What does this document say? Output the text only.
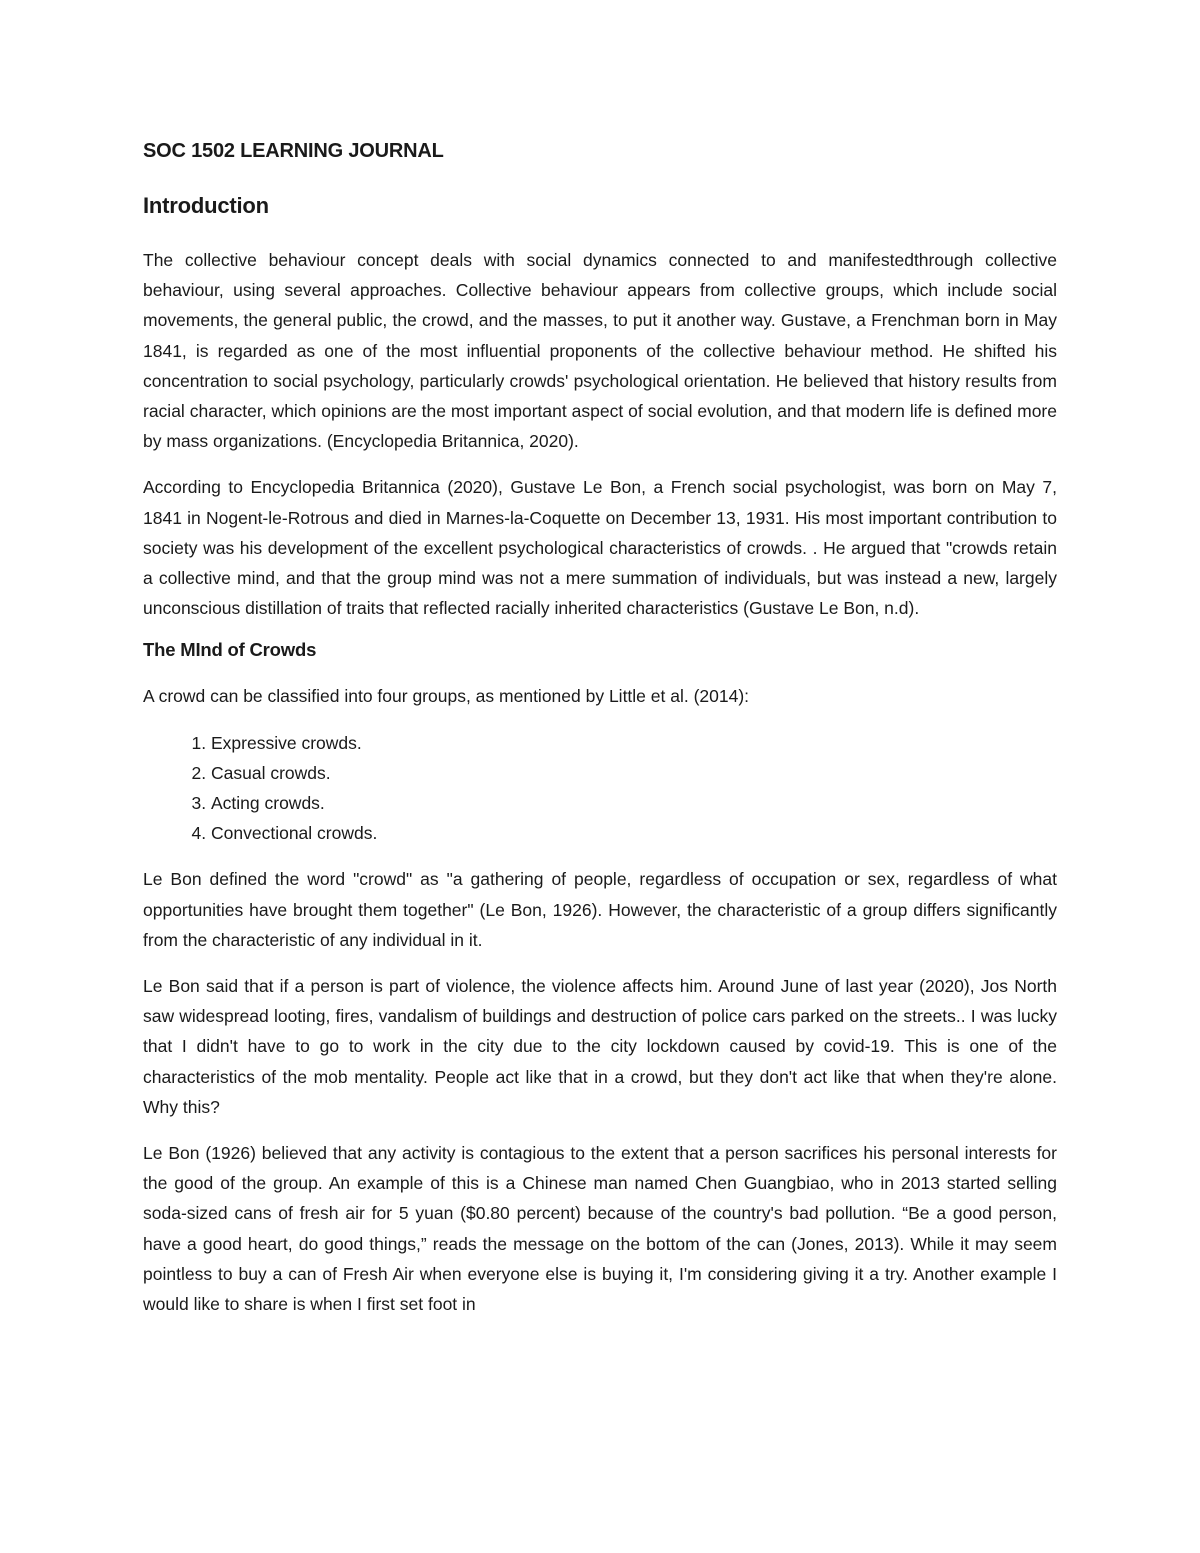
SOC 1502 LEARNING JOURNAL
Introduction

The collective behaviour concept deals with social dynamics connected to and manifestedthrough collective behaviour, using several approaches. Collective behaviour appears from collective groups, which include social movements, the general public, the crowd, and the masses, to put it another way. Gustave, a Frenchman born in May 1841, is regarded as one of the most influential proponents of the collective behaviour method. He shifted his concentration to social psychology, particularly crowds' psychological orientation. He believed that history results from racial character, which opinions are the most important aspect of social evolution, and that modern life is defined more by mass organizations. (Encyclopedia Britannica, 2020).

According to Encyclopedia Britannica (2020), Gustave Le Bon, a French social psychologist, was born on May 7, 1841 in Nogent-le-Rotrous and died in Marnes-la-Coquette on December 13, 1931. His most important contribution to society was his development of the excellent psychological characteristics of crowds. . He argued that "crowds retain a collective mind, and that the group mind was not a mere summation of individuals, but was instead a new, largely unconscious distillation of traits that reflected racially inherited characteristics (Gustave Le Bon, n.d).

The MInd of Crowds

A crowd can be classified into four groups, as mentioned by Little et al. (2014):

1. Expressive crowds.
2. Casual crowds.
3. Acting crowds.
4. Convectional crowds.

Le Bon defined the word "crowd" as "a gathering of people, regardless of occupation or sex, regardless of what opportunities have brought them together" (Le Bon, 1926). However, the characteristic of a group differs significantly from the characteristic of any individual in it.

Le Bon said that if a person is part of violence, the violence affects him. Around June of last year (2020), Jos North saw widespread looting, fires, vandalism of buildings and destruction of police cars parked on the streets.. I was lucky that I didn't have to go to work in the city due to the city lockdown caused by covid-19. This is one of the characteristics of the mob mentality. People act like that in a crowd, but they don't act like that when they're alone. Why this?

Le Bon (1926) believed that any activity is contagious to the extent that a person sacrifices his personal interests for the good of the group. An example of this is a Chinese man named Chen Guangbiao, who in 2013 started selling soda-sized cans of fresh air for 5 yuan ($0.80 percent) because of the country's bad pollution. “Be a good person, have a good heart, do good things,” reads the message on the bottom of the can (Jones, 2013). While it may seem pointless to buy a can of Fresh Air when everyone else is buying it, I'm considering giving it a try. Another example I would like to share is when I first set foot in
